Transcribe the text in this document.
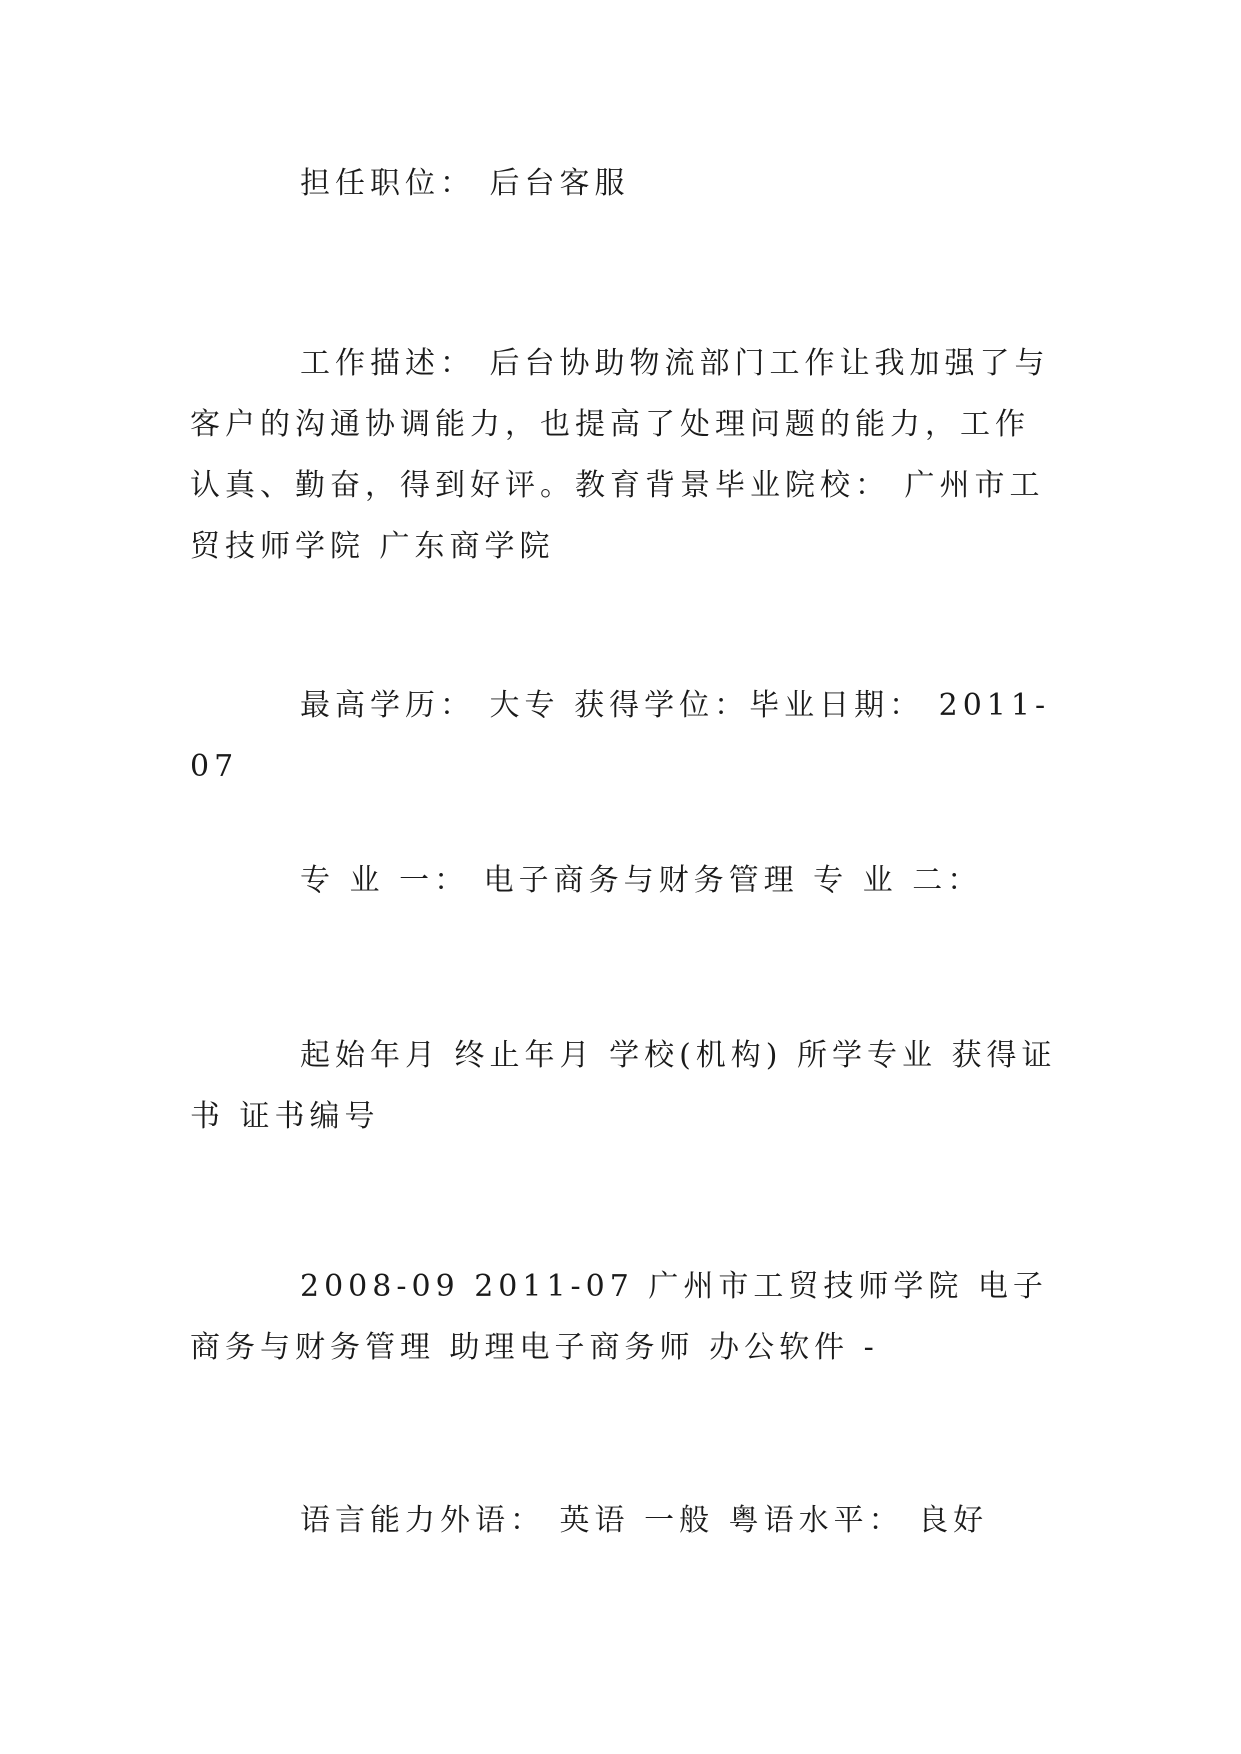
担任职位： 后台客服

工作描述： 后台协助物流部门工作让我加强了与客户的沟通协调能力，也提高了处理问题的能力，工作认真、勤奋，得到好评。教育背景毕业院校： 广州市工贸技师学院 广东商学院

最高学历： 大专 获得学位：毕业日期： 2011-07

专 业 一： 电子商务与财务管理 专 业 二：

起始年月 终止年月 学校(机构) 所学专业 获得证书 证书编号

2008-09 2011-07 广州市工贸技师学院 电子商务与财务管理 助理电子商务师 办公软件 -

语言能力外语： 英语 一般 粤语水平： 良好
